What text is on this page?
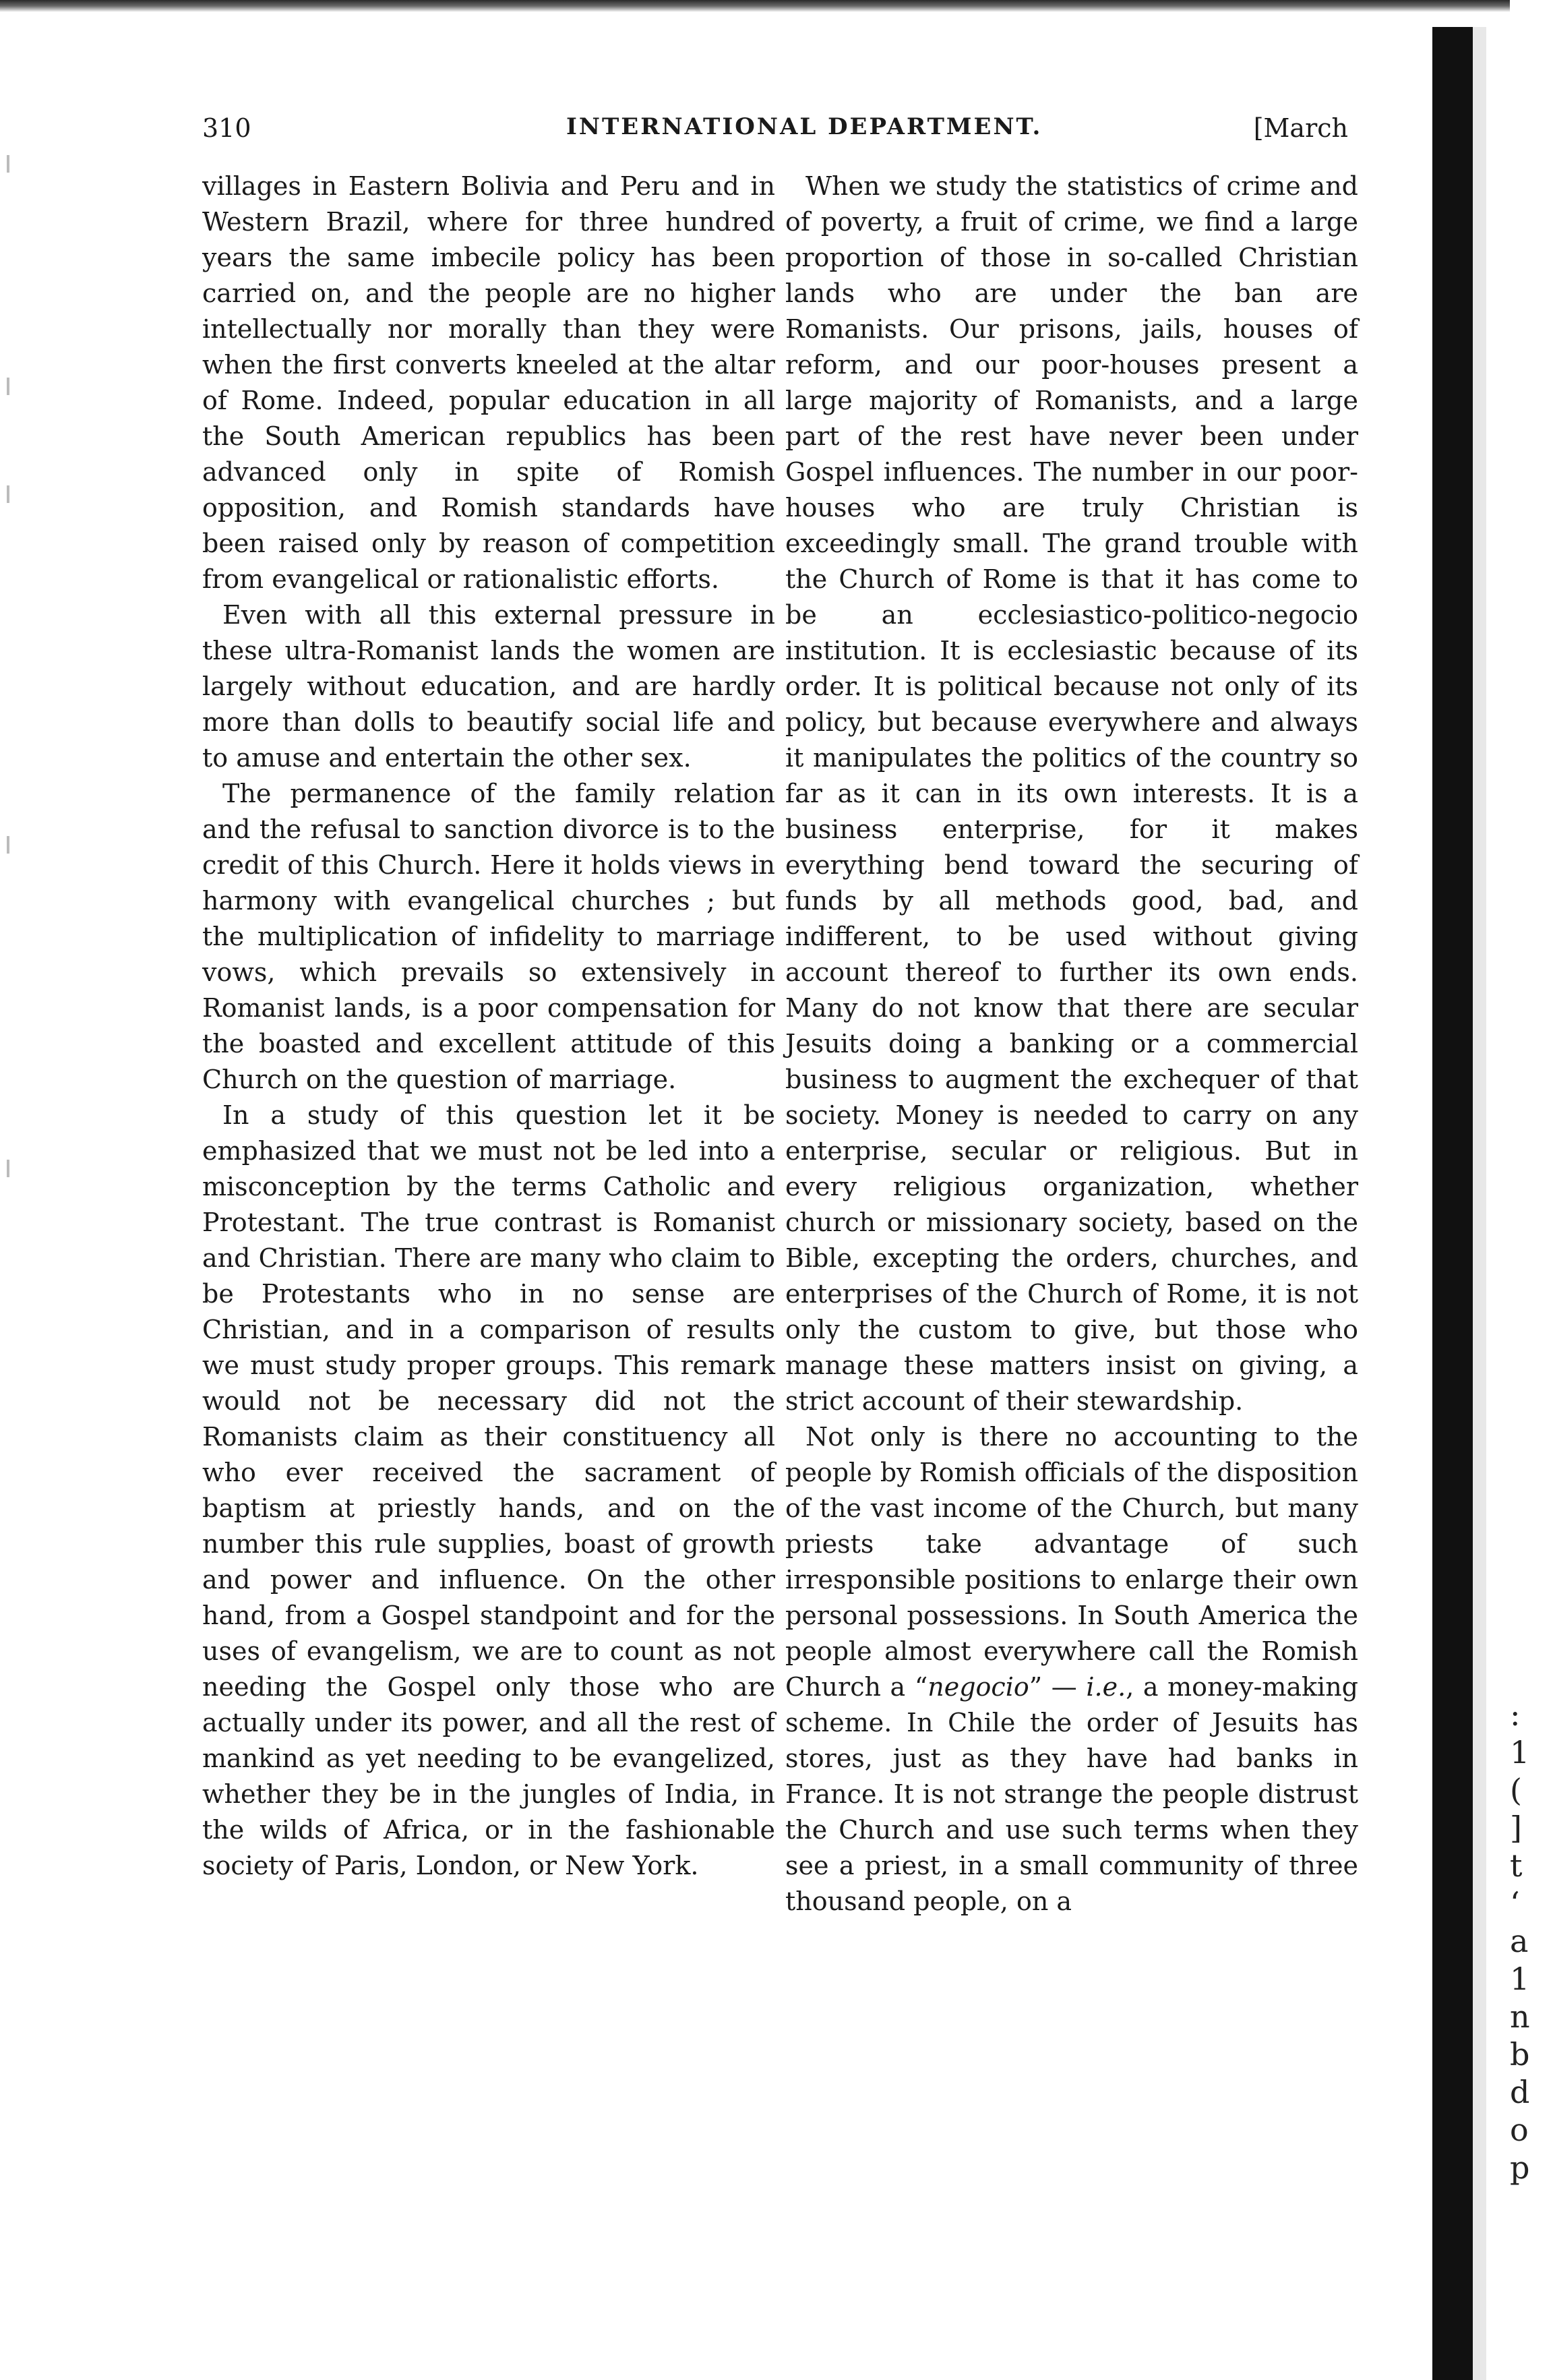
310	INTERNATIONAL DEPARTMENT.	[March

villages in Eastern Bolivia and Peru and in Western Brazil, where for three hundred years the same imbecile policy has been carried on, and the people are no higher intellectually nor morally than they were when the first converts kneeled at the altar of Rome. Indeed, popular education in all the South American republics has been advanced only in spite of Romish opposition, and Romish standards have been raised only by reason of competition from evangelical or rationalistic efforts.

Even with all this external pressure in these ultra-Romanist lands the women are largely without education, and are hardly more than dolls to beautify social life and to amuse and entertain the other sex.

The permanence of the family relation and the refusal to sanction divorce is to the credit of this Church. Here it holds views in harmony with evangelical churches ; but the multiplication of infidelity to marriage vows, which prevails so extensively in Romanist lands, is a poor compensation for the boasted and excellent attitude of this Church on the question of marriage.

In a study of this question let it be emphasized that we must not be led into a misconception by the terms Catholic and Protestant. The true contrast is Romanist and Christian. There are many who claim to be Protestants who in no sense are Christian, and in a comparison of results we must study proper groups. This remark would not be necessary did not the Romanists claim as their constituency all who ever received the sacrament of baptism at priestly hands, and on the number this rule supplies, boast of growth and power and influence. On the other hand, from a Gospel standpoint and for the uses of evangelism, we are to count as not needing the Gospel only those who are actually under its power, and all the rest of mankind as yet needing to be evangelized, whether they be in the jungles of India, in the wilds of Africa, or in the fashionable society of Paris, London, or New York.

When we study the statistics of crime and of poverty, a fruit of crime, we find a large proportion of those in so-called Christian lands who are under the ban are Romanists. Our prisons, jails, houses of reform, and our poor-houses present a large majority of Romanists, and a large part of the rest have never been under Gospel influences. The number in our poor-houses who are truly Christian is exceedingly small. The grand trouble with the Church of Rome is that it has come to be an ecclesiastico-politico-negocio institution. It is ecclesiastic because of its order. It is political because not only of its policy, but because everywhere and always it manipulates the politics of the country so far as it can in its own interests. It is a business enterprise, for it makes everything bend toward the securing of funds by all methods good, bad, and indifferent, to be used without giving account thereof to further its own ends. Many do not know that there are secular Jesuits doing a banking or a commercial business to augment the exchequer of that society. Money is needed to carry on any enterprise, secular or religious. But in every religious organization, whether church or missionary society, based on the Bible, excepting the orders, churches, and enterprises of the Church of Rome, it is not only the custom to give, but those who manage these matters insist on giving, a strict account of their stewardship.

Not only is there no accounting to the people by Romish officials of the disposition of the vast income of the Church, but many priests take advantage of such irresponsible positions to enlarge their own personal possessions. In South America the people almost everywhere call the Romish Church a “negocio” — i.e., a money-making scheme. In Chile the order of Jesuits has stores, just as they have had banks in France. It is not strange the people distrust the Church and use such terms when they see a priest, in a small community of three thousand people, on a

:
1
(
]
t
‘
a
1
n
b
d
o
p
